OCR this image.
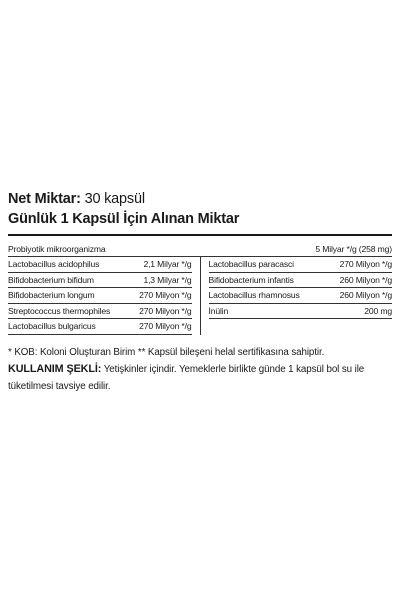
Net Miktar: 30 kapsül
Günlük 1 Kapsül İçin Alınan Miktar
Probiyotik mikroorganizma	5 Milyar */g (258 mg)
Lactobacillus acidophilus	2,1 Milyar */g
Bifidobacterium bifidum	1,3 Milyar */g
Bifidobacterium longum	270 Milyon */g
Streptococcus thermophiles	270 Milyon */g
Lactobacillus bulgaricus	270 Milyon */g
Lactobacillus paracasci	270 Milyon */g
Bifidobacterium infantis	260 Milyon */g
Lactobacillus rhamnosus	260 Milyon */g
İnülin	200 mg

* KOB: Koloni Oluşturan Birim ** Kapsül bileşeni helal sertifikasına sahiptir.

KULLANIM ŞEKLİ: Yetişkinler içindir. Yemeklerle birlikte günde 1 kapsül bol su ile tüketilmesi tavsiye edilir.
